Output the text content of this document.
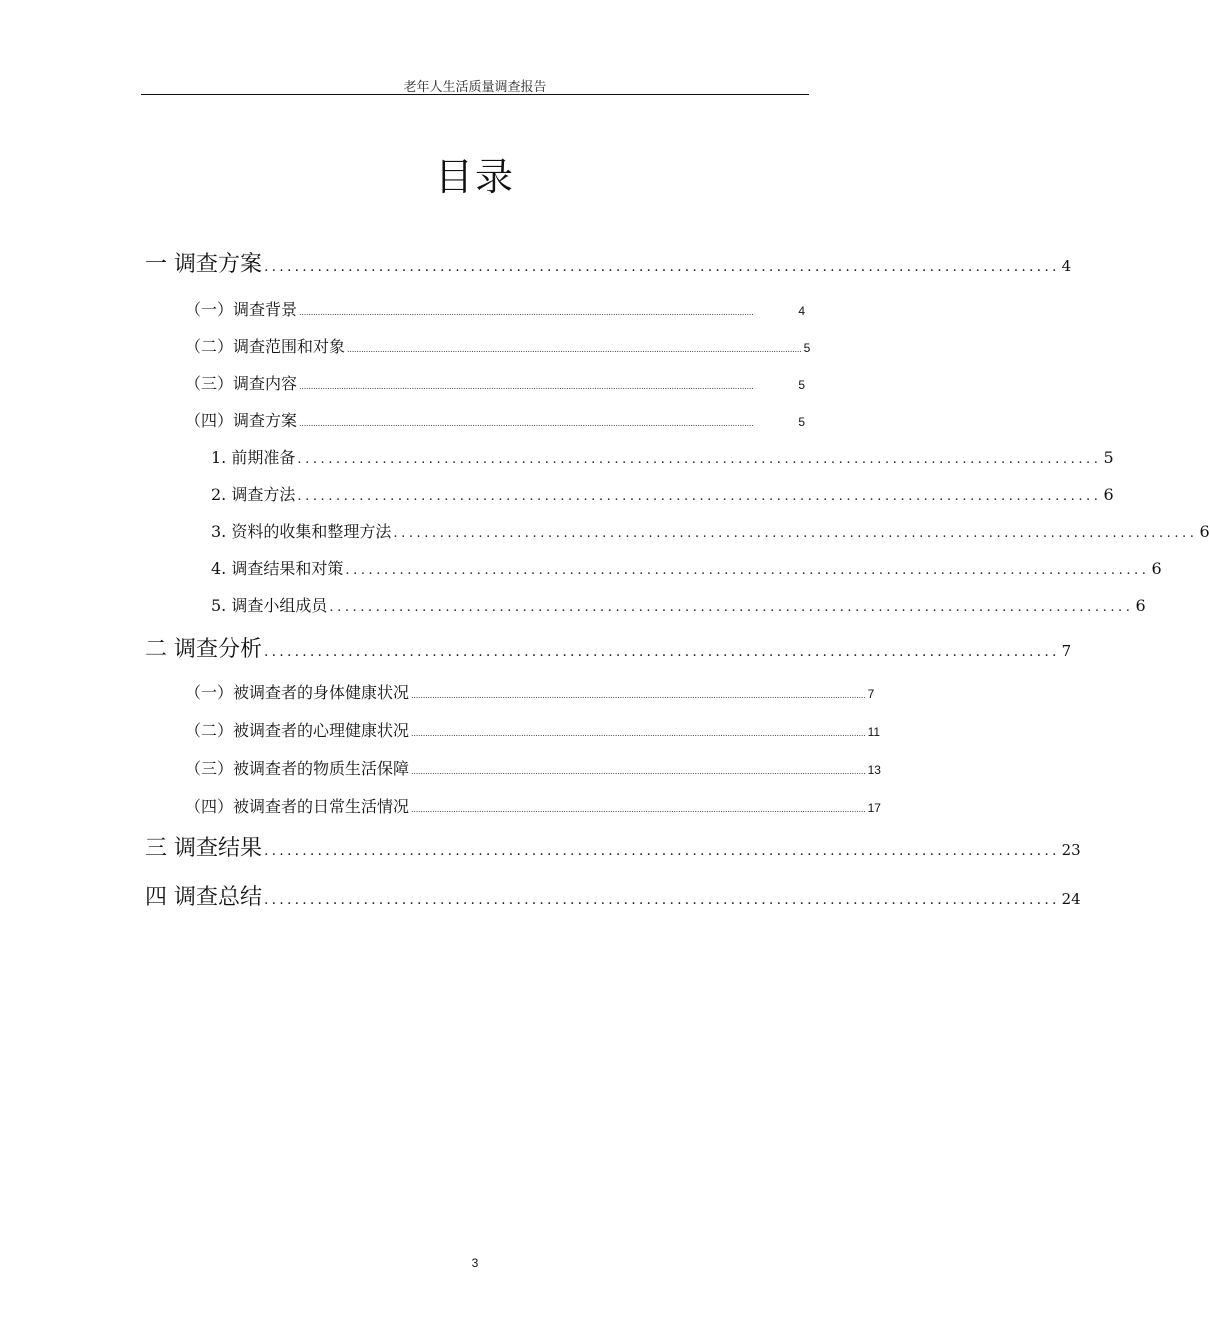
老年人生活质量调查报告
目录
一 调查方案 ........................................................................................................ 4
（一）调查背景 ..................................................................................................................................................................................................	4
（二）调查范围和对象 .................................................................................................................................................................................................. 5
（三）调查内容 ..................................................................................................................................................................................................	5
（四）调查方案 ..................................................................................................................................................................................................	5
1. 前期准备 ........................................................................................................ 5
2. 调查方法 ........................................................................................................ 6
3. 资料的收集和整理方法 ........................................................................................................ 6
4. 调查结果和对策 ........................................................................................................ 6
5. 调查小组成员 ........................................................................................................ 6
二 调查分析 ........................................................................................................ 7
（一）被调查者的身体健康状况 .................................................................................................................................................................................................. 7
（二）被调查者的心理健康状况 .................................................................................................................................................................................................. 11
（三）被调查者的物质生活保障 .................................................................................................................................................................................................. 13
（四）被调查者的日常生活情况 .................................................................................................................................................................................................. 17
三 调查结果 ........................................................................................................ 23
四 调查总结 ........................................................................................................ 24
3
